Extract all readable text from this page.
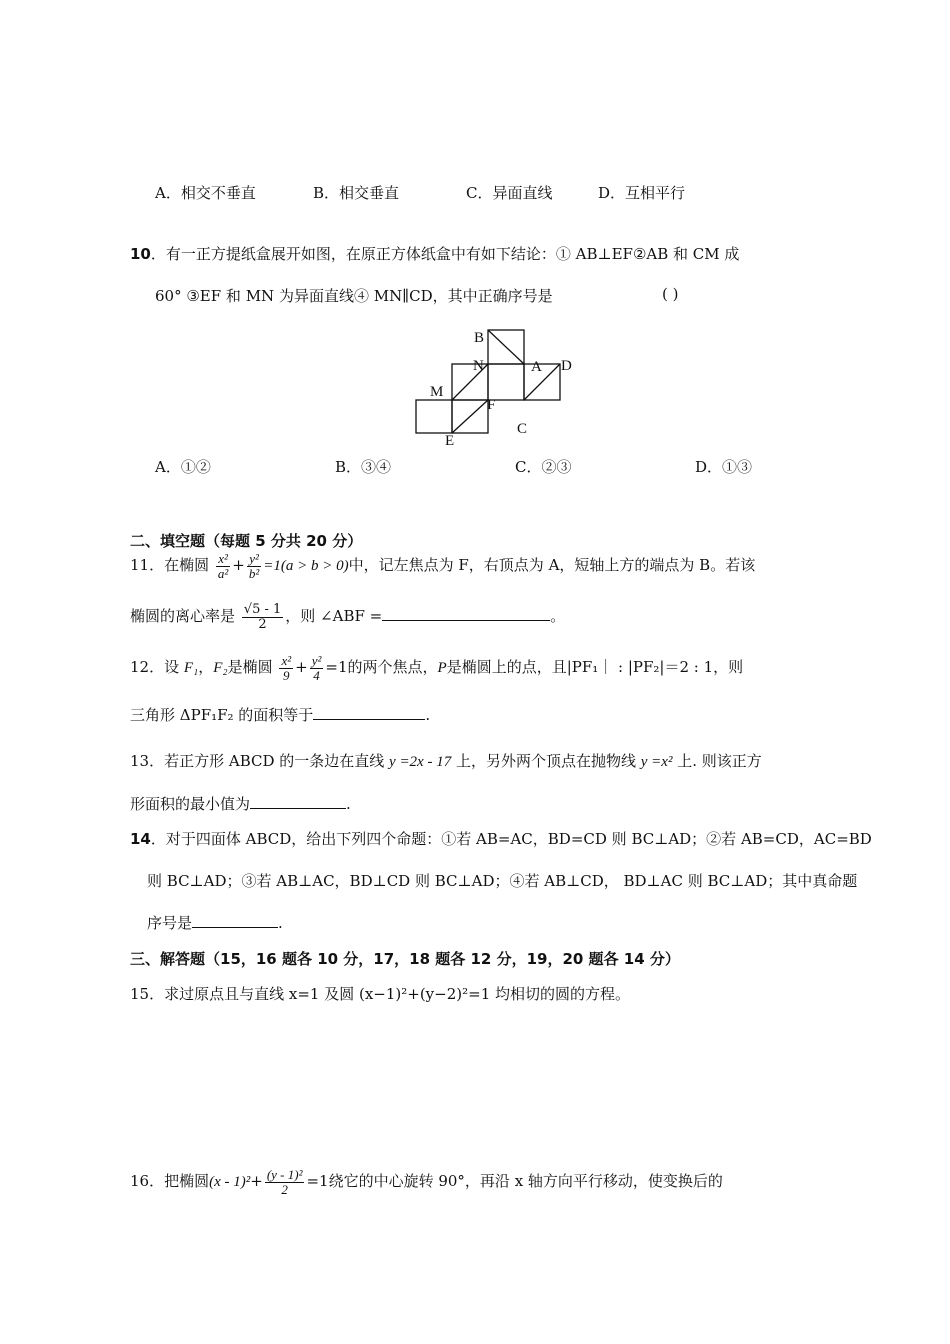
A．相交不垂直	B．相交垂直	C．异面直线	D．互相平行
10．有一正方提纸盒展开如图，在原正方体纸盒中有如下结论：① AB⊥EF②AB 和 CM 成
60° ③EF 和 MN 为异面直线④ MN∥CD，其中正确序号是	( )
B
N	A D
M
F
E
C
A．①②	B．③④	C．②③	D．①③
二、填空题（每题 5 分共 20 分）
11．在椭圆 $\frac{\text{x²}}{\text{a²}} + \frac{\text{y²}}{\text{b²}} =1(a > b > 0)$中，记左焦点为 F，右顶点为 A，短轴上方的端点为 B。若该
椭圆的离心率是 $\frac{√5 - 1}{2}$ ，则 ∠ABF =	。
12．设 F₁，F₂是椭圆 $\frac{\text{x²}}{9} + \frac{\text{y²}}{4} =1$的两个焦点，P是椭圆上的点，且|PF₁｜ : |PF₂|＝2 : 1，则
三角形 ΔPF₁F₂ 的面积等于	.
13．若正方形 ABCD 的一条边在直线 y =2x - 17 上，另外两个顶点在抛物线 y =x² 上. 则该正方
形面积的最小值为	.
14．对于四面体 ABCD，给出下列四个命题：①若 AB=AC，BD=CD 则 BC⊥AD；②若 AB=CD，AC=BD
则 BC⊥AD；③若 AB⊥AC，BD⊥CD 则 BC⊥AD；④若 AB⊥CD， BD⊥AC 则 BC⊥AD；其中真命题
序号是	.
三、解答题（15，16 题各 10 分，17，18 题各 12 分，19，20 题各 14 分）
15．求过原点且与直线 x=1 及圆 (x−1)²+(y−2)²=1 均相切的圆的方程。
16．把椭圆$(x - 1)^2+ \frac{\text{(y - 1)²}}{2} =1$绕它的中心旋转 90°，再沿 x 轴方向平行移动，使变换后的
